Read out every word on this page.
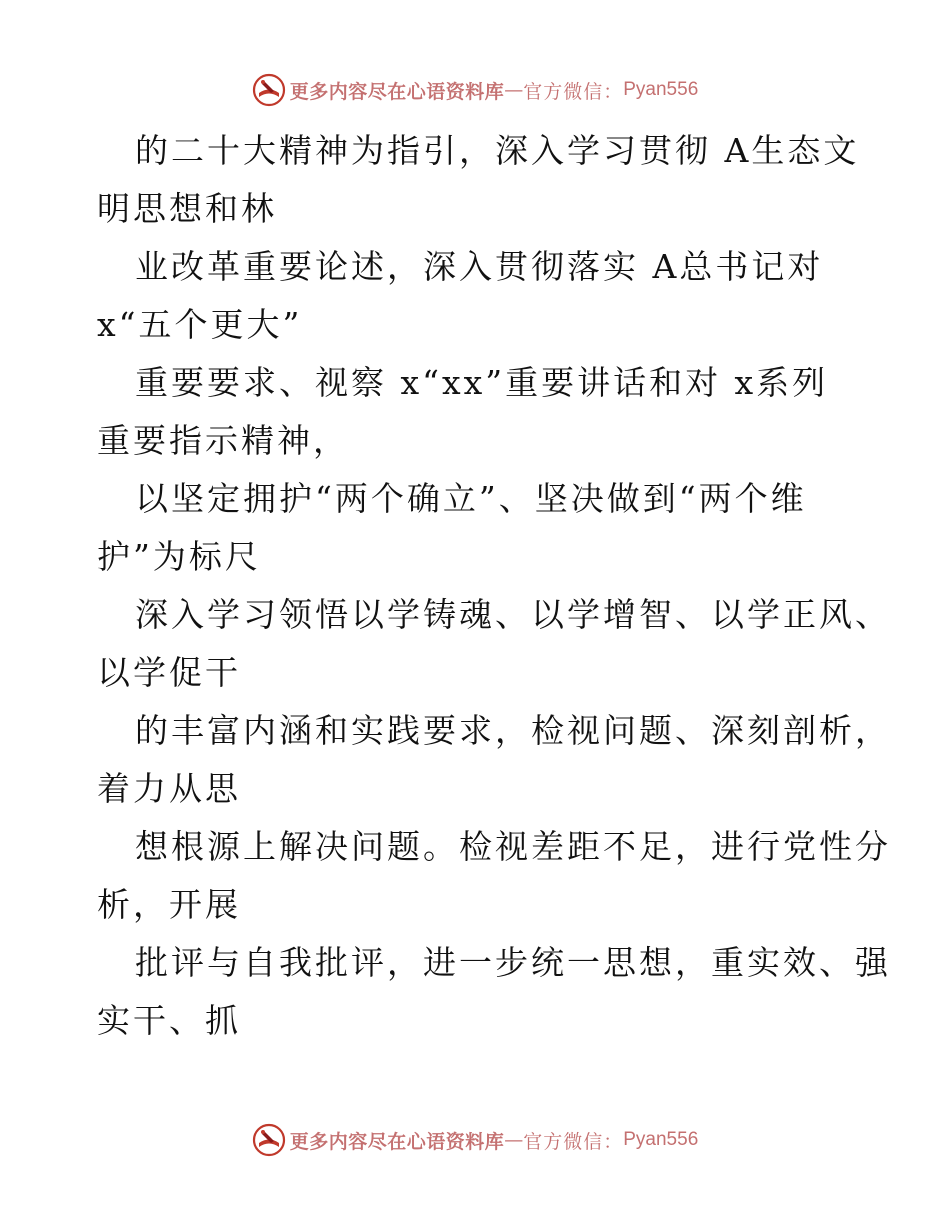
更多内容尽在心语资料库 — 官方微信： Pyan556
的二十大精神为指引，深入学习贯彻 A生态文
明思想和林
业改革重要论述，深入贯彻落实 A总书记对
x“五个更大”
重要要求、视察 x“xx”重要讲话和对 x系列
重要指示精神，
以坚定拥护“两个确立”、坚决做到“两个维
护”为标尺
深入学习领悟以学铸魂、以学增智、以学正风、
以学促干
的丰富内涵和实践要求，检视问题、深刻剖析，
着力从思
想根源上解决问题。检视差距不足，进行党性分
析，开展
批评与自我批评，进一步统一思想，重实效、强
实干、抓
更多内容尽在心语资料库 — 官方微信： Pyan556
